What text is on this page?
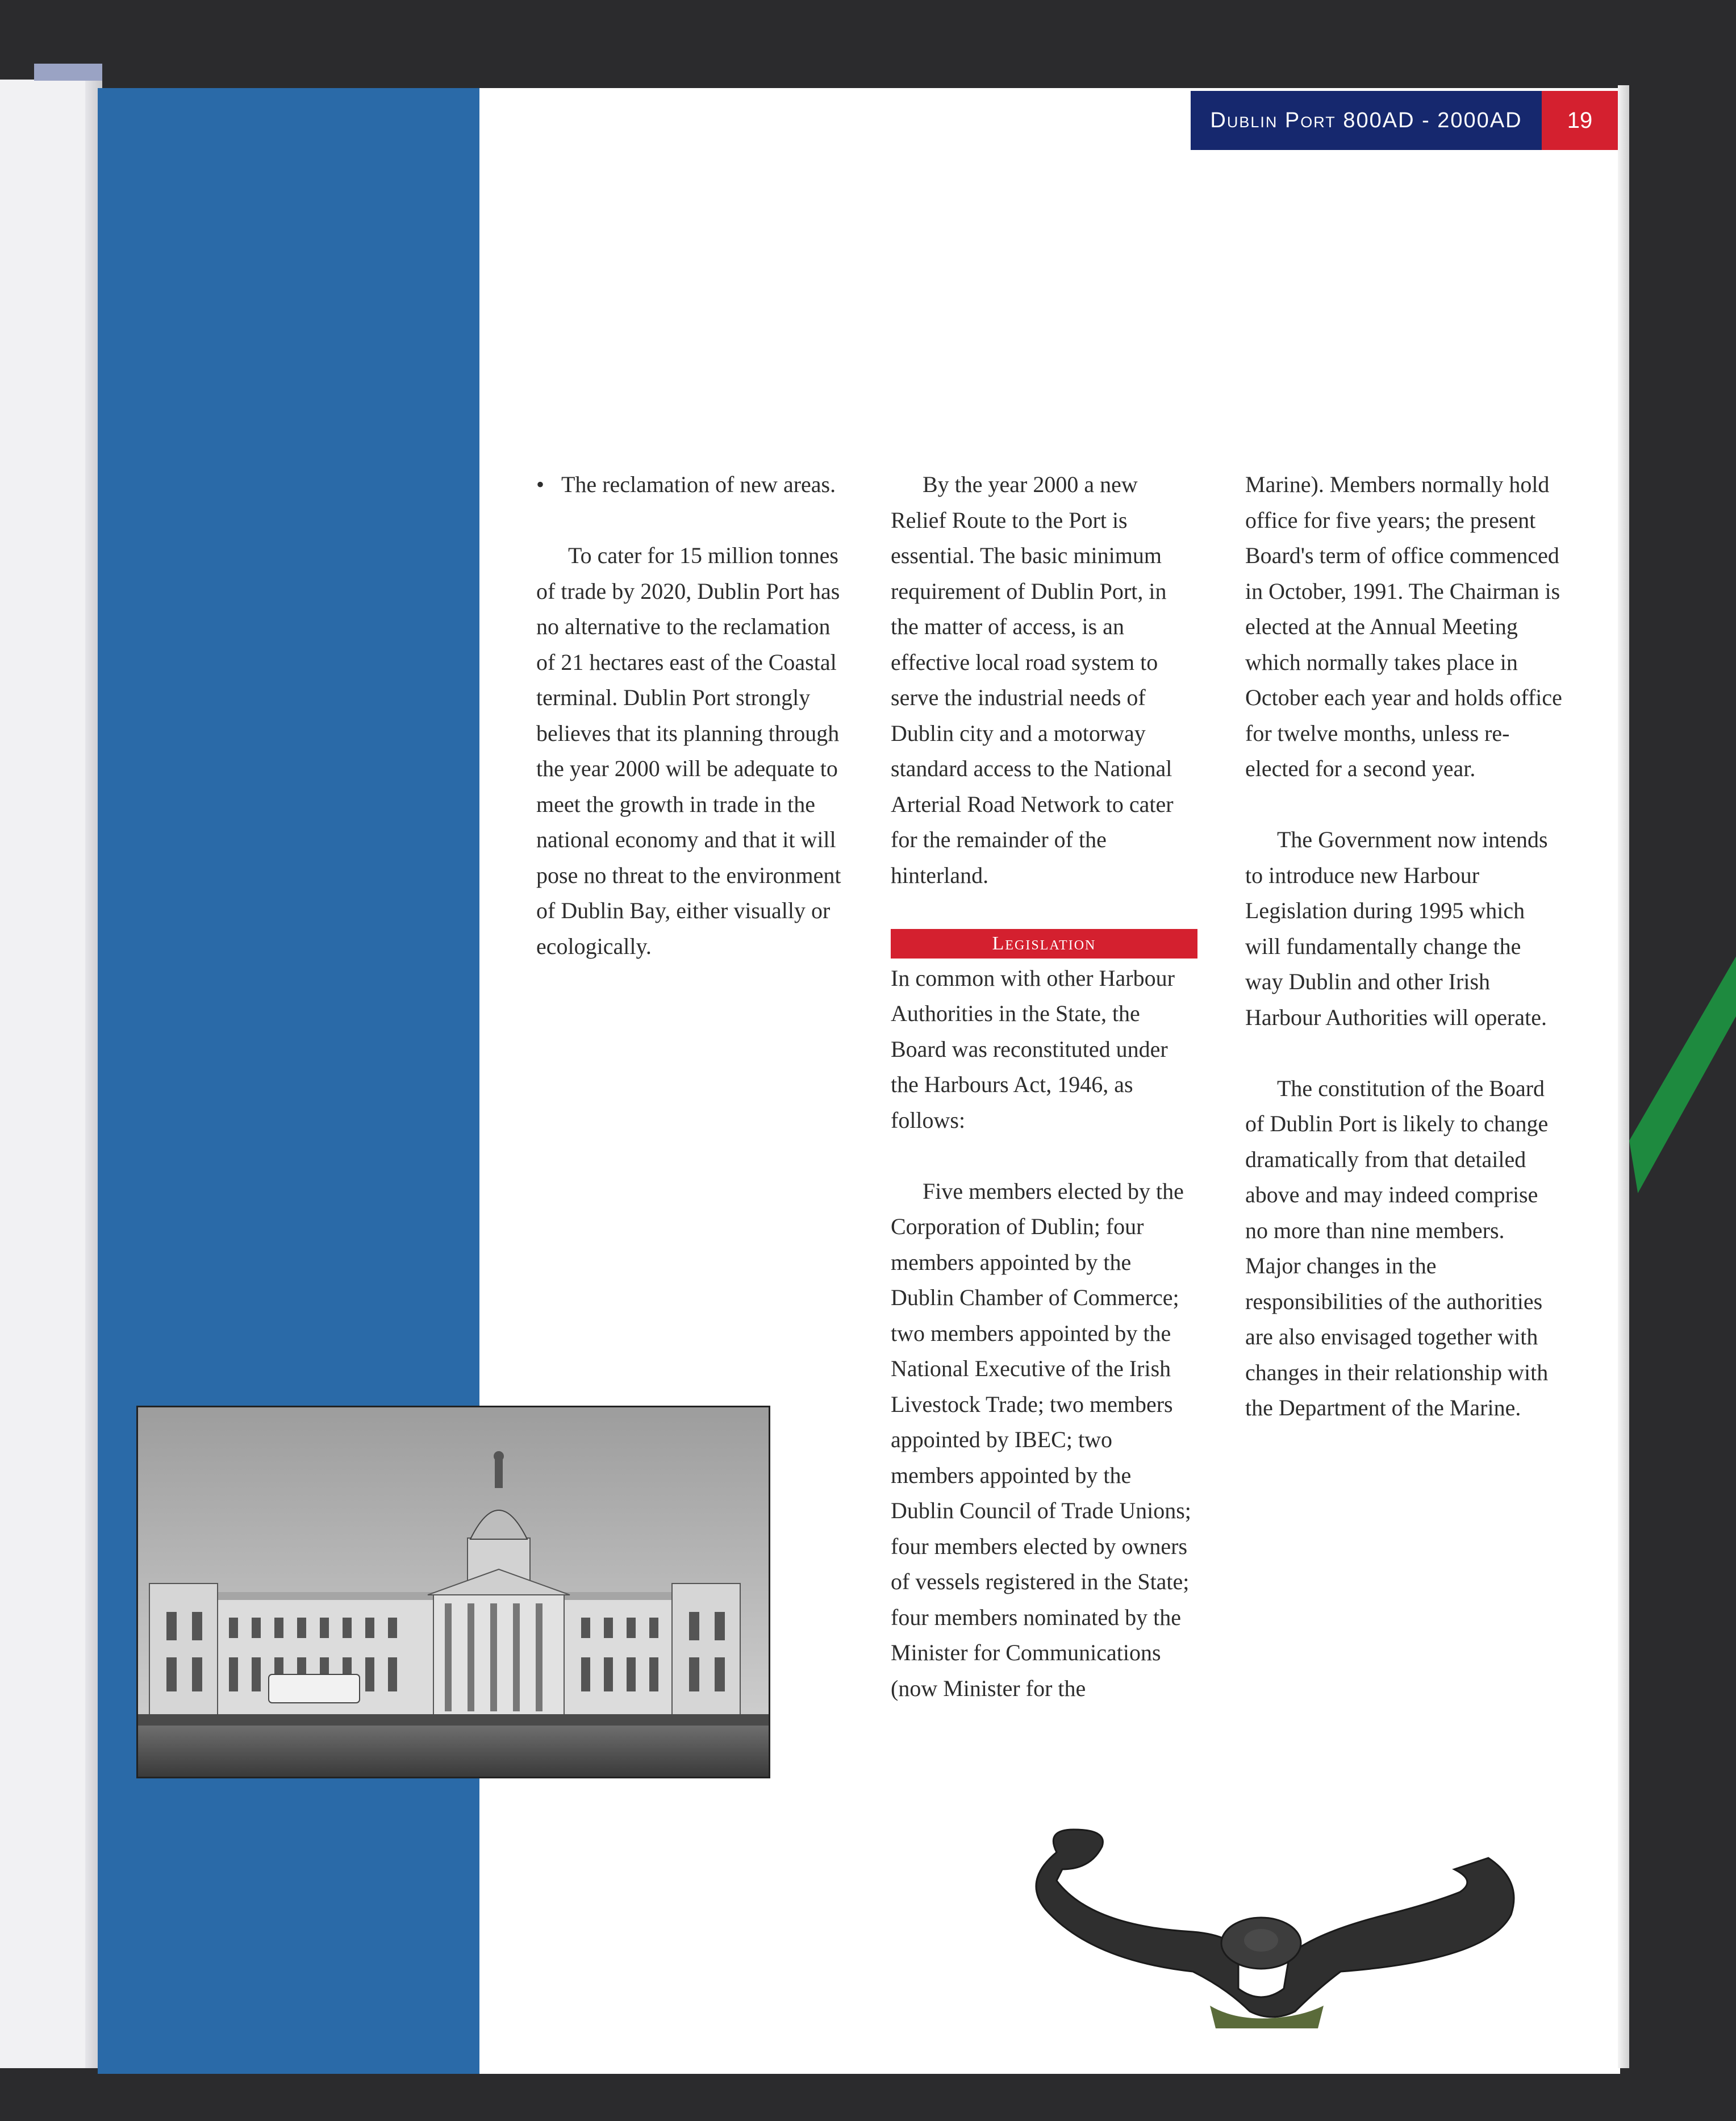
Dublin Port 800AD - 2000AD 19

• The reclamation of new areas.

To cater for 15 million tonnes of trade by 2020, Dublin Port has no alternative to the reclamation of 21 hectares east of the Coastal terminal. Dublin Port strongly believes that its planning through the year 2000 will be adequate to meet the growth in trade in the national economy and that it will pose no threat to the environment of Dublin Bay, either visually or ecologically.

By the year 2000 a new Relief Route to the Port is essential. The basic minimum requirement of Dublin Port, in the matter of access, is an effective local road system to serve the industrial needs of Dublin city and a motorway standard access to the National Arterial Road Network to cater for the remainder of the hinterland.

Legislation

In common with other Harbour Authorities in the State, the Board was reconstituted under the Harbours Act, 1946, as follows:

Five members elected by the Corporation of Dublin; four members appointed by the Dublin Chamber of Commerce; two members appointed by the National Executive of the Irish Livestock Trade; two members appointed by IBEC; two members appointed by the Dublin Council of Trade Unions; four members elected by owners of vessels registered in the State; four members nominated by the Minister for Communications (now Minister for the

Marine). Members normally hold office for five years; the present Board's term of office commenced in October, 1991. The Chairman is elected at the Annual Meeting which normally takes place in October each year and holds office for twelve months, unless re-elected for a second year.

The Government now intends to introduce new Harbour Legislation during 1995 which will fundamentally change the way Dublin and other Irish Harbour Authorities will operate.

The constitution of the Board of Dublin Port is likely to change dramatically from that detailed above and may indeed comprise no more than nine members. Major changes in the responsibilities of the authorities are also envisaged together with changes in their relationship with the Department of the Marine.
